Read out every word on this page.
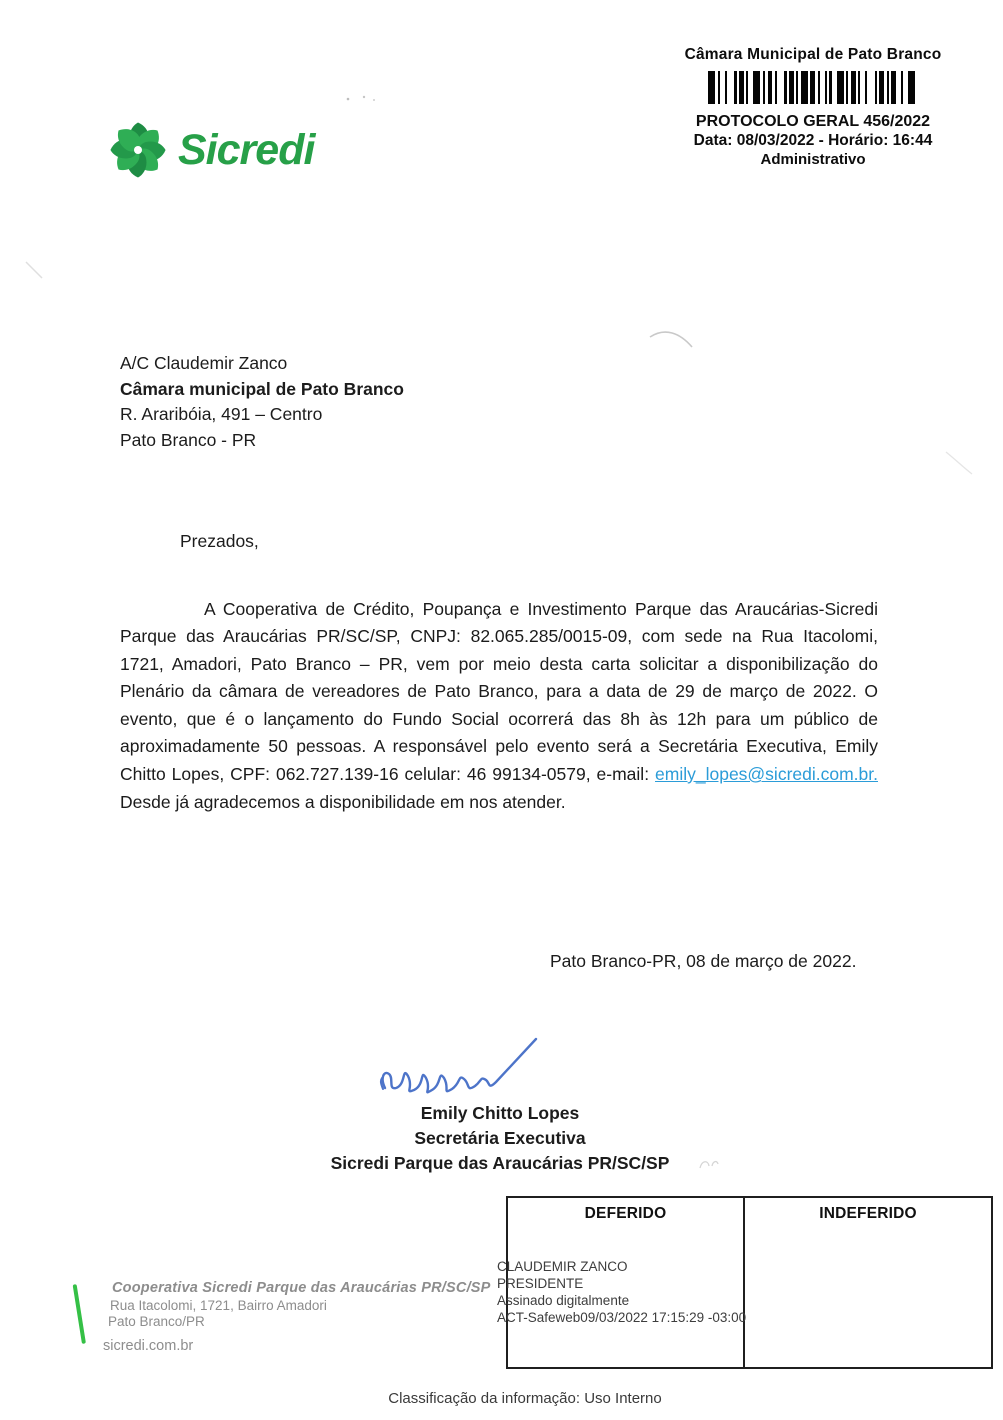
Sicredi
Câmara Municipal de Pato Branco
PROTOCOLO GERAL 456/2022
Data: 08/03/2022 - Horário: 16:44
Administrativo
A/C Claudemir Zanco
Câmara municipal de Pato Branco
R. Araribóia, 491 – Centro
Pato Branco - PR
Prezados,

A Cooperativa de Crédito, Poupança e Investimento Parque das Araucárias-Sicredi Parque das Araucárias PR/SC/SP, CNPJ: 82.065.285/0015-09, com sede na Rua Itacolomi, 1721, Amadori, Pato Branco – PR, vem por meio desta carta solicitar a disponibilização do Plenário da câmara de vereadores de Pato Branco, para a data de 29 de março de 2022. O evento, que é o lançamento do Fundo Social ocorrerá das 8h às 12h para um público de aproximadamente 50 pessoas. A responsável pelo evento será a Secretária Executiva, Emily Chitto Lopes, CPF: 062.727.139-16 celular: 46 99134-0579, e-mail: emily_lopes@sicredi.com.br. Desde já agradecemos a disponibilidade em nos atender.

Pato Branco-PR, 08 de março de 2022.
Emily Chitto Lopes
Secretária Executiva
Sicredi Parque das Araucárias PR/SC/SP
DEFERIDO	INDEFERIDO
CLAUDEMIR ZANCO
PRESIDENTE
Assinado digitalmente
ACT-Safeweb09/03/2022 17:15:29 -03:00
Cooperativa Sicredi Parque das Araucárias PR/SC/SP
Rua Itacolomi, 1721, Bairro Amadori
Pato Branco/PR
sicredi.com.br
Classificação da informação: Uso Interno
